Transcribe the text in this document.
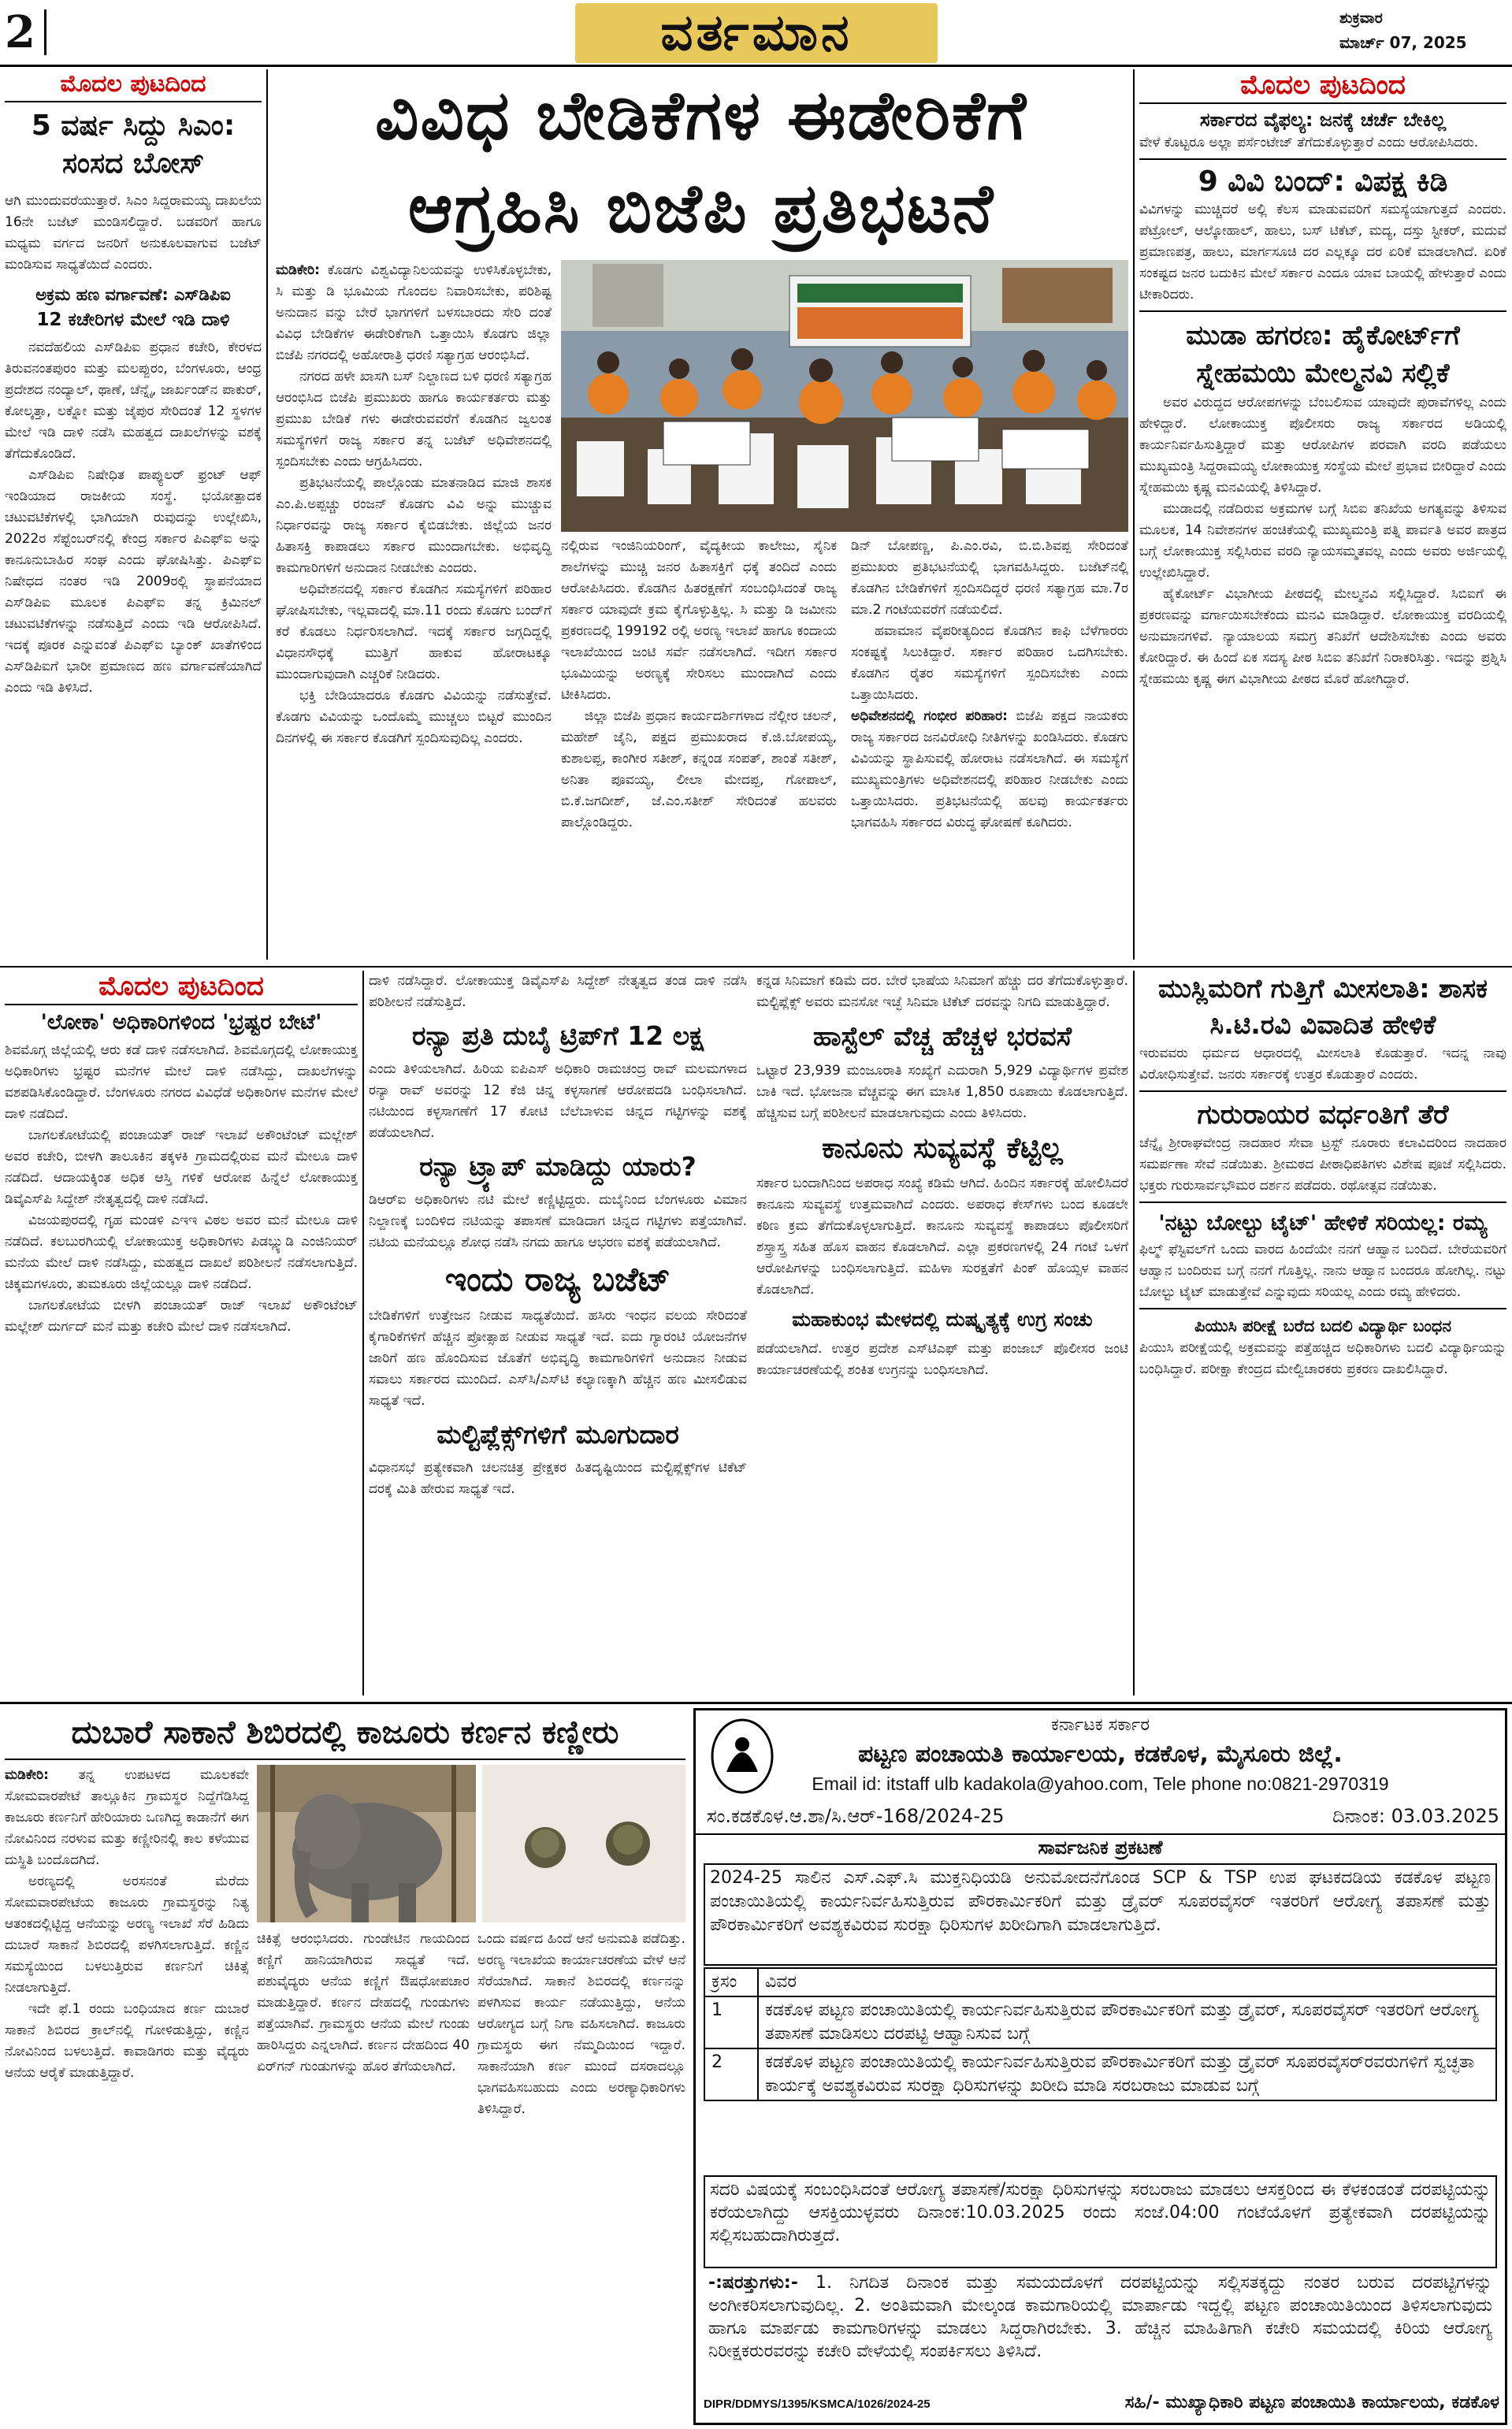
2	ವರ್ತಮಾನ	ಶುಕ್ರವಾರ
ಮಾರ್ಚ್ 07, 2025
ಮೊದಲ ಪುಟದಿಂದ

5 ವರ್ಷ ಸಿದ್ದು ಸಿಎಂ: ಸಂಸದ ಬೋಸ್

ಆಗಿ ಮುಂದುವರೆಯುತ್ತಾರೆ. ಸಿಎಂ ಸಿದ್ದರಾಮಯ್ಯ ದಾಖಲೆಯ 16ನೇ ಬಜೆಟ್ ಮಂಡಿಸಲಿದ್ದಾರೆ. ಬಡವರಿಗೆ ಹಾಗೂ ಮಧ್ಯಮ ವರ್ಗದ ಜನರಿಗೆ ಅನುಕೂಲವಾಗುವ ಬಜೆಟ್ ಮಂಡಿಸುವ ಸಾಧ್ಯತೆಯಿದೆ ಎಂದರು.

ಅಕ್ರಮ ಹಣ ವರ್ಗಾವಣೆ: ಎಸ್‌ಡಿಪಿಐ

12 ಕಚೇರಿಗಳ ಮೇಲೆ ಇಡಿ ದಾಳಿ

ನವದೆಹಲಿಯ ಎಸ್‌ಡಿಪಿಐ ಪ್ರಧಾನ ಕಚೇರಿ, ಕೇರಳದ ತಿರುವನಂತಪುರಂ ಮತ್ತು ಮಲಪ್ಪುರಂ, ಬೆಂಗಳೂರು, ಆಂಧ್ರ ಪ್ರದೇಶದ ನಂದ್ಯಾಲ್, ಥಾಣೆ, ಚೆನ್ನೈ, ಜಾರ್ಖಂಡ್‌ನ ಪಾಕುರ್, ಕೋಲ್ಕತ್ತಾ, ಲಕ್ನೋ ಮತ್ತು ಜೈಪುರ ಸೇರಿದಂತೆ 12 ಸ್ಥಳಗಳ ಮೇಲೆ ಇಡಿ ದಾಳಿ ನಡೆಸಿ ಮಹತ್ವದ ದಾಖಲೆಗಳನ್ನು ವಶಕ್ಕೆ ತೆಗೆದುಕೊಂಡಿದೆ.

ಎಸ್‌ಡಿಪಿಐ ನಿಷೇಧಿತ ಪಾಪ್ಯುಲರ್ ಫ್ರಂಟ್ ಆಫ್ ಇಂಡಿಯಾದ ರಾಜಕೀಯ ಸಂಸ್ಥೆ. ಭಯೋತ್ಪಾದಕ ಚಟುವಟಿಕೆಗಳಲ್ಲಿ ಭಾಗಿಯಾಗಿ ರುವುದನ್ನು ಉಲ್ಲೇಖಿಸಿ, 2022ರ ಸೆಪ್ಟೆಂಬರ್‌ನಲ್ಲಿ ಕೇಂದ್ರ ಸರ್ಕಾರ ಪಿಎಫ್‌ಐ ಅನ್ನು ಕಾನೂನುಬಾಹಿರ ಸಂಘ ಎಂದು ಘೋಷಿಸಿತ್ತು. ಪಿಎಫ್‌ಐ ನಿಷೇಧದ ನಂತರ ಇಡಿ 2009ರಲ್ಲಿ ಸ್ಥಾಪನೆಯಾದ ಎಸ್‌ಡಿಪಿಐ ಮೂಲಕ ಪಿಎಫ್‌ಐ ತನ್ನ ಕ್ರಿಮಿನಲ್ ಚಟುವಟಿಕೆಗಳನ್ನು ನಡೆಸುತ್ತಿದೆ ಎಂದು ಇಡಿ ಆರೋಪಿಸಿದೆ. ಇದಕ್ಕೆ ಪೂರಕ ಎನ್ನುವಂತೆ ಪಿಎಫ್‌ಐ ಬ್ಯಾಂಕ್ ಖಾತೆಗಳಿಂದ ಎಸ್‌ಡಿಪಿಐಗೆ ಭಾರೀ ಪ್ರಮಾಣದ ಹಣ ವರ್ಗಾವಣೆಯಾಗಿದೆ ಎಂದು ಇಡಿ ತಿಳಿಸಿದೆ.

ವಿವಿಧ ಬೇಡಿಕೆಗಳ ಈಡೇರಿಕೆಗೆ
ಆಗ್ರಹಿಸಿ ಬಿಜೆಪಿ ಪ್ರತಿಭಟನೆ

ಮಡಿಕೇರಿ: ಕೊಡಗು ವಿಶ್ವವಿದ್ಯಾನಿಲಯವನ್ನು ಉಳಿಸಿಕೊಳ್ಳಬೇಕು, ಸಿ ಮತ್ತು ಡಿ ಭೂಮಿಯ ಗೊಂದಲ ನಿವಾರಿಸಬೇಕು, ಪರಿಶಿಷ್ಟ ಅನುದಾನ ವನ್ನು ಬೇರೆ ಭಾಗಗಳಿಗೆ ಬಳಸಬಾರದು ಸೇರಿ ದಂತೆ ವಿವಿಧ ಬೇಡಿಕೆಗಳ ಈಡೇರಿಕೆಗಾಗಿ ಒತ್ತಾಯಿಸಿ ಕೊಡಗು ಜಿಲ್ಲಾ ಬಿಜೆಪಿ ನಗರದಲ್ಲಿ ಅಹೋರಾತ್ರಿ ಧರಣಿ ಸತ್ಯಾಗ್ರಹ ಆರಂಭಿಸಿದೆ.

ನಗರದ ಹಳೇ ಖಾಸಗಿ ಬಸ್ ನಿಲ್ದಾಣದ ಬಳಿ ಧರಣಿ ಸತ್ಯಾಗ್ರಹ ಆರಂಭಿಸಿದ ಬಿಜೆಪಿ ಪ್ರಮುಖರು ಹಾಗೂ ಕಾರ್ಯಕರ್ತರು ಮತ್ತು ಪ್ರಮುಖ ಬೇಡಿಕೆ ಗಳು ಈಡೇರುವವರೆಗೆ ಕೊಡಗಿನ ಜ್ವಲಂತ ಸಮಸ್ಯೆಗಳಿಗೆ ರಾಜ್ಯ ಸರ್ಕಾರ ತನ್ನ ಬಜೆಟ್ ಅಧಿವೇಶನದಲ್ಲಿ ಸ್ಪಂದಿಸಬೇಕು ಎಂದು ಆಗ್ರಹಿಸಿದರು.

ಪ್ರತಿಭಟನೆಯಲ್ಲಿ ಪಾಲ್ಗೊಂಡು ಮಾತನಾಡಿದ ಮಾಜಿ ಶಾಸಕ ಎಂ.ಪಿ.ಅಪ್ಪಚ್ಚು ರಂಜನ್ ಕೊಡಗು ವಿವಿ ಅನ್ನು ಮುಚ್ಚುವ ನಿರ್ಧಾರವನ್ನು ರಾಜ್ಯ ಸರ್ಕಾರ ಕೈಬಿಡಬೇಕು. ಜಿಲ್ಲೆಯ ಜನರ ಹಿತಾಸಕ್ತಿ ಕಾಪಾಡಲು ಸರ್ಕಾರ ಮುಂದಾಗಬೇಕು. ಅಭಿವೃದ್ಧಿ ಕಾಮಗಾರಿಗಳಿಗೆ ಅನುದಾನ ನೀಡಬೇಕು ಎಂದರು.

ಅಧಿವೇಶನದಲ್ಲಿ ಸರ್ಕಾರ ಕೊಡಗಿನ ಸಮಸ್ಯೆಗಳಿಗೆ ಪರಿಹಾರ ಘೋಷಿಸಬೇಕು, ಇಲ್ಲವಾದಲ್ಲಿ ಮಾ.11 ರಂದು ಕೊಡಗು ಬಂದ್‌ಗೆ ಕರೆ ಕೊಡಲು ನಿರ್ಧರಿಸಲಾಗಿದೆ. ಇದಕ್ಕೆ ಸರ್ಕಾರ ಜಗ್ಗದಿದ್ದಲ್ಲಿ ವಿಧಾನಸೌಧಕ್ಕೆ ಮುತ್ತಿಗೆ ಹಾಕುವ ಹೋರಾಟಕ್ಕೂ ಮುಂದಾಗುವುದಾಗಿ ಎಚ್ಚರಿಕೆ ನೀಡಿದರು.

ಭಕ್ತಿ ಬೇಡಿಯಾದರೂ ಕೊಡಗು ವಿವಿಯನ್ನು ನಡೆಸುತ್ತೇವೆ. ಕೊಡಗು ವಿವಿಯನ್ನು ಒಂದೊಮ್ಮೆ ಮುಚ್ಚಲು ಬಿಟ್ಟರೆ ಮುಂದಿನ ದಿನಗಳಲ್ಲಿ ಈ ಸರ್ಕಾರ ಕೊಡಗಿಗೆ ಸ್ಪಂದಿಸುವುದಿಲ್ಲ ಎಂದರು.

ನಲ್ಲಿರುವ ಇಂಜಿನಿಯರಿಂಗ್, ವೈದ್ಯಕೀಯ ಕಾಲೇಜು, ಸೈನಿಕ ಶಾಲೆಗಳನ್ನು ಮುಚ್ಚಿ ಜನರ ಹಿತಾಸಕ್ತಿಗೆ ಧಕ್ಕೆ ತಂದಿದೆ ಎಂದು ಆರೋಪಿಸಿದರು. ಕೊಡಗಿನ ಹಿತರಕ್ಷಣೆಗೆ ಸಂಬಂಧಿಸಿದಂತೆ ರಾಜ್ಯ ಸರ್ಕಾರ ಯಾವುದೇ ಕ್ರಮ ಕೈಗೊಳ್ಳುತ್ತಿಲ್ಲ. ಸಿ ಮತ್ತು ಡಿ ಜಮೀನು ಪ್ರಕರಣದಲ್ಲಿ 199192 ರಲ್ಲಿ ಅರಣ್ಯ ಇಲಾಖೆ ಹಾಗೂ ಕಂದಾಯ ಇಲಾಖೆಯಿಂದ ಜಂಟಿ ಸರ್ವೆ ನಡೆಸಲಾಗಿದೆ. ಇದೀಗ ಸರ್ಕಾರ ಭೂಮಿಯನ್ನು ಅರಣ್ಯಕ್ಕೆ ಸೇರಿಸಲು ಮುಂದಾಗಿದೆ ಎಂದು ಟೀಕಿಸಿದರು.

ಜಿಲ್ಲಾ ಬಿಜೆಪಿ ಪ್ರಧಾನ ಕಾರ್ಯದರ್ಶಿಗಳಾದ ನೆಲ್ಲೀರ ಚಲನ್, ಮಹೇಶ್ ಜೈನಿ, ಪಕ್ಷದ ಪ್ರಮುಖರಾದ ಕೆ.ಜಿ.ಬೋಪಯ್ಯ, ಕುಶಾಲಪ್ಪ, ಕಾಂಗೀರ ಸತೀಶ್, ಕನ್ನಂಡ ಸಂಪತ್, ಶಾಂತೆ ಸತೀಶ್, ಅನಿತಾ ಪೂವಯ್ಯ, ಲೀಲಾ ಮೇದಪ್ಪ, ಗೋಪಾಲ್, ಬಿ.ಕೆ.ಜಗದೀಶ್, ಜೆ.ಎಂ.ಸತೀಶ್ ಸೇರಿದಂತೆ ಹಲವರು ಪಾಲ್ಗೊಂಡಿದ್ದರು.

ಡಿನ್ ಬೋಪಣ್ಣ, ಪಿ.ಎಂ.ರವಿ, ಬಿ.ಬಿ.ಶಿವಪ್ಪ ಸೇರಿದಂತೆ ಪ್ರಮುಖರು ಪ್ರತಿಭಟನೆಯಲ್ಲಿ ಭಾಗವಹಿಸಿದ್ದರು. ಬಜೆಟ್‌ನಲ್ಲಿ ಕೊಡಗಿನ ಬೇಡಿಕೆಗಳಿಗೆ ಸ್ಪಂದಿಸದಿದ್ದರೆ ಧರಣಿ ಸತ್ಯಾಗ್ರಹ ಮಾ.7ರ ಮಾ.2 ಗಂಟೆಯವರೆಗೆ ನಡೆಯಲಿದೆ.

ಹವಾಮಾನ ವೈಪರೀತ್ಯದಿಂದ ಕೊಡಗಿನ ಕಾಫಿ ಬೆಳೆಗಾರರು ಸಂಕಷ್ಟಕ್ಕೆ ಸಿಲುಕಿದ್ದಾರೆ. ಸರ್ಕಾರ ಪರಿಹಾರ ಒದಗಿಸಬೇಕು. ಕೊಡಗಿನ ರೈತರ ಸಮಸ್ಯೆಗಳಿಗೆ ಸ್ಪಂದಿಸಬೇಕು ಎಂದು ಒತ್ತಾಯಿಸಿದರು.

ಅಧಿವೇಶನದಲ್ಲಿ ಗಂಭೀರ ಪರಿಹಾರ: ಬಿಜೆಪಿ ಪಕ್ಷದ ನಾಯಕರು ರಾಜ್ಯ ಸರ್ಕಾರದ ಜನವಿರೋಧಿ ನೀತಿಗಳನ್ನು ಖಂಡಿಸಿದರು. ಕೊಡಗು ವಿವಿಯನ್ನು ಸ್ಥಾಪಿಸುವಲ್ಲಿ ಹೋರಾಟ ನಡೆಸಲಾಗಿದೆ. ಈ ಸಮಸ್ಯೆಗೆ ಮುಖ್ಯಮಂತ್ರಿಗಳು ಅಧಿವೇಶನದಲ್ಲಿ ಪರಿಹಾರ ನೀಡಬೇಕು ಎಂದು ಒತ್ತಾಯಿಸಿದರು. ಪ್ರತಿಭಟನೆಯಲ್ಲಿ ಹಲವು ಕಾರ್ಯಕರ್ತರು ಭಾಗವಹಿಸಿ ಸರ್ಕಾರದ ವಿರುದ್ಧ ಘೋಷಣೆ ಕೂಗಿದರು.

ಮೊದಲ ಪುಟದಿಂದ

ಸರ್ಕಾರದ ವೈಫಲ್ಯ: ಜನಕ್ಕೆ ಚರ್ಚೆ ಬೇಕಿಲ್ಲ

ವೇಳೆ ಕೊಟ್ಟರೂ ಅಲ್ಲಾ ಪರ್ಸೆಂಟೇಜ್ ತೆಗೆದುಕೊಳ್ಳುತ್ತಾರೆ ಎಂದು ಆರೋಪಿಸಿದರು.

9 ವಿವಿ ಬಂದ್: ವಿಪಕ್ಷ ಕಿಡಿ

ವಿವಿಗಳನ್ನು ಮುಚ್ಚಿದರೆ ಅಲ್ಲಿ ಕೆಲಸ ಮಾಡುವವರಿಗೆ ಸಮಸ್ಯೆಯಾಗುತ್ತದೆ ಎಂದರು. ಪೆಟ್ರೋಲ್, ಆಲ್ಕೋಹಾಲ್, ಹಾಲು, ಬಸ್ ಟಿಕೆಟ್, ಮದ್ಯ, ದಸ್ತು ಸ್ಟೀಕರ್, ಮದುವೆ ಪ್ರಮಾಣಪತ್ರ, ಹಾಲು, ಮಾರ್ಗಸೂಚಿ ದರ ಎಲ್ಲಕ್ಕೂ ದರ ಏರಿಕೆ ಮಾಡಲಾಗಿದೆ. ಏರಿಕೆ ಸಂಕಷ್ಟದ ಜನರ ಬದುಕಿನ ಮೇಲೆ ಸರ್ಕಾರ ಎಂದೂ ಯಾವ ಬಾಯಲ್ಲಿ ಹೇಳುತ್ತಾರೆ ಎಂದು ಟೀಕಾರಿದರು.

ಮುಡಾ ಹಗರಣ: ಹೈಕೋರ್ಟ್‌ಗೆ ಸ್ನೇಹಮಯಿ ಮೇಲ್ಮನವಿ ಸಲ್ಲಿಕೆ

ಅವರ ವಿರುದ್ಧದ ಆರೋಪಗಳನ್ನು ಬೆಂಬಲಿಸುವ ಯಾವುದೇ ಪುರಾವೆಗಳಿಲ್ಲ ಎಂದು ಹೇಳಿದ್ದಾರೆ. ಲೋಕಾಯುಕ್ತ ಪೊಲೀಸರು ರಾಜ್ಯ ಸರ್ಕಾರದ ಅಡಿಯಲ್ಲಿ ಕಾರ್ಯನಿರ್ವಹಿಸುತ್ತಿದ್ದಾರೆ ಮತ್ತು ಆರೋಪಿಗಳ ಪರವಾಗಿ ವರದಿ ಪಡೆಯಲು ಮುಖ್ಯಮಂತ್ರಿ ಸಿದ್ದರಾಮಯ್ಯ ಲೋಕಾಯುಕ್ತ ಸಂಸ್ಥೆಯ ಮೇಲೆ ಪ್ರಭಾವ ಬೀರಿದ್ದಾರೆ ಎಂದು ಸ್ನೇಹಮಯಿ ಕೃಷ್ಣ ಮನವಿಯಲ್ಲಿ ತಿಳಿಸಿದ್ದಾರೆ.

ಮುಡಾದಲ್ಲಿ ನಡೆದಿರುವ ಅಕ್ರಮಗಳ ಬಗ್ಗೆ ಸಿಬಿಐ ತನಿಖೆಯ ಅಗತ್ಯವನ್ನು ತಿಳಿಸುವ ಮೂಲಕ, 14 ನಿವೇಶನಗಳ ಹಂಚಿಕೆಯಲ್ಲಿ ಮುಖ್ಯಮಂತ್ರಿ ಪತ್ನಿ ಪಾರ್ವತಿ ಅವರ ಪಾತ್ರದ ಬಗ್ಗೆ ಲೋಕಾಯುಕ್ತ ಸಲ್ಲಿಸಿರುವ ವರದಿ ನ್ಯಾಯಸಮ್ಮತವಲ್ಲ ಎಂದು ಅವರು ಅರ್ಜಿಯಲ್ಲಿ ಉಲ್ಲೇಖಿಸಿದ್ದಾರೆ.

ಹೈಕೋರ್ಟ್ ವಿಭಾಗೀಯ ಪೀಠದಲ್ಲಿ ಮೇಲ್ಮನವಿ ಸಲ್ಲಿಸಿದ್ದಾರೆ. ಸಿಬಿಐಗೆ ಈ ಪ್ರಕರಣವನ್ನು ವರ್ಗಾಯಿಸಬೇಕೆಂದು ಮನವಿ ಮಾಡಿದ್ದಾರೆ. ಲೋಕಾಯುಕ್ತ ವರದಿಯಲ್ಲಿ ಅನುಮಾನಗಳಿವೆ. ನ್ಯಾಯಾಲಯ ಸಮಗ್ರ ತನಿಖೆಗೆ ಆದೇಶಿಸಬೇಕು ಎಂದು ಅವರು ಕೋರಿದ್ದಾರೆ. ಈ ಹಿಂದೆ ಏಕ ಸದಸ್ಯ ಪೀಠ ಸಿಬಿಐ ತನಿಖೆಗೆ ನಿರಾಕರಿಸಿತ್ತು. ಇದನ್ನು ಪ್ರಶ್ನಿಸಿ ಸ್ನೇಹಮಯಿ ಕೃಷ್ಣ ಈಗ ವಿಭಾಗೀಯ ಪೀಠದ ಮೊರೆ ಹೋಗಿದ್ದಾರೆ.

ಮೊದಲ ಪುಟದಿಂದ

'ಲೋಕಾ' ಅಧಿಕಾರಿಗಳಿಂದ 'ಭ್ರಷ್ಟರ ಬೇಟೆ'

ಶಿವಮೊಗ್ಗ ಜಿಲ್ಲೆಯಲ್ಲಿ ಆರು ಕಡೆ ದಾಳಿ ನಡೆಸಲಾಗಿದೆ. ಶಿವಮೊಗ್ಗದಲ್ಲಿ ಲೋಕಾಯುಕ್ತ ಅಧಿಕಾರಿಗಳು ಭ್ರಷ್ಟರ ಮನೆಗಳ ಮೇಲೆ ದಾಳಿ ನಡೆಸಿದ್ದು, ದಾಖಲೆಗಳನ್ನು ವಶಪಡಿಸಿಕೊಂಡಿದ್ದಾರೆ. ಬೆಂಗಳೂರು ನಗರದ ವಿವಿಧೆಡೆ ಅಧಿಕಾರಿಗಳ ಮನೆಗಳ ಮೇಲೆ ದಾಳಿ ನಡೆದಿದೆ.

ಬಾಗಲಕೋಟೆಯಲ್ಲಿ ಪಂಚಾಯತ್ ರಾಜ್ ಇಲಾಖೆ ಅಕೌಂಟೆಂಟ್ ಮಲ್ಲೇಶ್ ಅವರ ಕಚೇರಿ, ಬೀಳಗಿ ತಾಲೂಕಿನ ತಕ್ಕಳಕಿ ಗ್ರಾಮದಲ್ಲಿರುವ ಮನೆ ಮೇಲೂ ದಾಳಿ ನಡೆದಿದೆ. ಆದಾಯಕ್ಕಿಂತ ಅಧಿಕ ಆಸ್ತಿ ಗಳಿಕೆ ಆರೋಪ ಹಿನ್ನೆಲೆ ಲೋಕಾಯುಕ್ತ ಡಿವೈಎಸ್‌ಪಿ ಸಿದ್ದೇಶ್ ನೇತೃತ್ವದಲ್ಲಿ ದಾಳಿ ನಡೆಸಿದೆ.

ವಿಜಯಪುರದಲ್ಲಿ ಗೃಹ ಮಂಡಳಿ ಎಇಇ ವಿಠಲ ಅವರ ಮನೆ ಮೇಲೂ ದಾಳಿ ನಡೆದಿದೆ. ಕಲಬುರಗಿಯಲ್ಲಿ ಲೋಕಾಯುಕ್ತ ಅಧಿಕಾರಿಗಳು ಪಿಡಬ್ಲ್ಯುಡಿ ಎಂಜಿನಿಯರ್ ಮನೆಯ ಮೇಲೆ ದಾಳಿ ನಡೆಸಿದ್ದು, ಮಹತ್ವದ ದಾಖಲೆ ಪರಿಶೀಲನೆ ನಡೆಸಲಾಗುತ್ತಿದೆ. ಚಿಕ್ಕಮಗಳೂರು, ತುಮಕೂರು ಜಿಲ್ಲೆಯಲ್ಲೂ ದಾಳಿ ನಡೆದಿದೆ.

ಬಾಗಲಕೋಟೆಯ ಬೀಳಗಿ ಪಂಚಾಯತ್ ರಾಜ್ ಇಲಾಖೆ ಅಕೌಂಟೆಂಟ್ ಮಲ್ಲೇಶ್ ದುರ್ಗದ್ ಮನೆ ಮತ್ತು ಕಚೇರಿ ಮೇಲೆ ದಾಳಿ ನಡೆಸಲಾಗಿದೆ.

ದಾಳಿ ನಡೆಸಿದ್ದಾರೆ. ಲೋಕಾಯುಕ್ತ ಡಿವೈಎಸ್‌ಪಿ ಸಿದ್ದೇಶ್ ನೇತೃತ್ವದ ತಂಡ ದಾಳಿ ನಡೆಸಿ ಪರಿಶೀಲನೆ ನಡೆಸುತ್ತಿದೆ.

ರನ್ಯಾ ಪ್ರತಿ ದುಬೈ ಟ್ರಿಪ್‌ಗೆ 12 ಲಕ್ಷ

ಎಂದು ತಿಳಿಯಲಾಗಿದೆ. ಹಿರಿಯ ಐಪಿಎಸ್ ಅಧಿಕಾರಿ ರಾಮಚಂದ್ರ ರಾವ್ ಮಲಮಗಳಾದ ರನ್ಯಾ ರಾವ್ ಅವರನ್ನು 12 ಕೆಜಿ ಚಿನ್ನ ಕಳ್ಳಸಾಗಣೆ ಆರೋಪದಡಿ ಬಂಧಿಸಲಾಗಿದೆ. ನಟಿಯಿಂದ ಕಳ್ಳಸಾಗಣೆಗೆ 17 ಕೋಟಿ ಬೆಲೆಬಾಳುವ ಚಿನ್ನದ ಗಟ್ಟಿಗಳನ್ನು ವಶಕ್ಕೆ ಪಡೆಯಲಾಗಿದೆ.

ರನ್ಯಾ ಟ್ರ್ಯಾಪ್ ಮಾಡಿದ್ದು ಯಾರು?

ಡಿಆರ್‌ಐ ಅಧಿಕಾರಿಗಳು ನಟಿ ಮೇಲೆ ಕಣ್ಣಿಟ್ಟಿದ್ದರು. ದುಬೈನಿಂದ ಬೆಂಗಳೂರು ವಿಮಾನ ನಿಲ್ದಾಣಕ್ಕೆ ಬಂದಿಳಿದ ನಟಿಯನ್ನು ತಪಾಸಣೆ ಮಾಡಿದಾಗ ಚಿನ್ನದ ಗಟ್ಟಿಗಳು ಪತ್ತೆಯಾಗಿವೆ. ನಟಿಯ ಮನೆಯಲ್ಲೂ ಶೋಧ ನಡೆಸಿ ನಗದು ಹಾಗೂ ಆಭರಣ ವಶಕ್ಕೆ ಪಡೆಯಲಾಗಿದೆ.

ಇಂದು ರಾಜ್ಯ ಬಜೆಟ್

ಬೇಡಿಕೆಗಳಿಗೆ ಉತ್ತೇಜನ ನೀಡುವ ಸಾಧ್ಯತೆಯಿದೆ. ಹಸಿರು ಇಂಧನ ವಲಯ ಸೇರಿದಂತೆ ಕೈಗಾರಿಕೆಗಳಿಗೆ ಹೆಚ್ಚಿನ ಪ್ರೋತ್ಸಾಹ ನೀಡುವ ಸಾಧ್ಯತೆ ಇದೆ. ಐದು ಗ್ಯಾರಂಟಿ ಯೋಜನೆಗಳ ಜಾರಿಗೆ ಹಣ ಹೊಂದಿಸುವ ಜೊತೆಗೆ ಅಭಿವೃದ್ಧಿ ಕಾಮಗಾರಿಗಳಿಗೆ ಅನುದಾನ ನೀಡುವ ಸವಾಲು ಸರ್ಕಾರದ ಮುಂದಿದೆ. ಎಸ್‌ಸಿ/ಎಸ್‌ಟಿ ಕಲ್ಯಾಣಕ್ಕಾಗಿ ಹೆಚ್ಚಿನ ಹಣ ಮೀಸಲಿಡುವ ಸಾಧ್ಯತೆ ಇದೆ.

ಮಲ್ಟಿಪ್ಲೆಕ್ಸ್‌ಗಳಿಗೆ ಮೂಗುದಾರ

ವಿಧಾನಸಭೆ ಪ್ರತ್ಯೇಕವಾಗಿ ಚಲನಚಿತ್ರ ಪ್ರೇಕ್ಷಕರ ಹಿತದೃಷ್ಟಿಯಿಂದ ಮಲ್ಟಿಪ್ಲೆಕ್ಸ್‌ಗಳ ಟಿಕೆಟ್ ದರಕ್ಕೆ ಮಿತಿ ಹೇರುವ ಸಾಧ್ಯತೆ ಇದೆ.

ಕನ್ನಡ ಸಿನಿಮಾಗೆ ಕಡಿಮೆ ದರ. ಬೇರೆ ಭಾಷೆಯ ಸಿನಿಮಾಗೆ ಹೆಚ್ಚು ದರ ತೆಗೆದುಕೊಳ್ಳುತ್ತಾರೆ. ಮಲ್ಟಿಪ್ಲೆಕ್ಸ್ ಅವರು ಮನಸೋ ಇಚ್ಛೆ ಸಿನಿಮಾ ಟಿಕೆಟ್ ದರವನ್ನು ನಿಗದಿ ಮಾಡುತ್ತಿದ್ದಾರೆ.

ಹಾಸ್ಟೆಲ್ ವೆಚ್ಚ ಹೆಚ್ಚಳ ಭರವಸೆ

ಒಟ್ಟಾರೆ 23,939 ಮಂಜೂರಾತಿ ಸಂಖ್ಯೆಗೆ ಎದುರಾಗಿ 5,929 ವಿದ್ಯಾರ್ಥಿಗಳ ಪ್ರವೇಶ ಬಾಕಿ ಇದೆ. ಭೋಜನಾ ವೆಚ್ಚವನ್ನು ಈಗ ಮಾಸಿಕ 1,850 ರೂಪಾಯಿ ಕೊಡಲಾಗುತ್ತಿದೆ. ಹೆಚ್ಚಿಸುವ ಬಗ್ಗೆ ಪರಿಶೀಲನೆ ಮಾಡಲಾಗುವುದು ಎಂದು ತಿಳಿಸಿದರು.

ಕಾನೂನು ಸುವ್ಯವಸ್ಥೆ ಕೆಟ್ಟಿಲ್ಲ

ಸರ್ಕಾರ ಬಂದಾಗಿನಿಂದ ಅಪರಾಧ ಸಂಖ್ಯೆ ಕಡಿಮೆ ಆಗಿದೆ. ಹಿಂದಿನ ಸರ್ಕಾರಕ್ಕೆ ಹೋಲಿಸಿದರೆ ಕಾನೂನು ಸುವ್ಯವಸ್ಥೆ ಉತ್ತಮವಾಗಿದೆ ಎಂದರು. ಅಪರಾಧ ಕೇಸ್‌ಗಳು ಬಂದ ಕೂಡಲೇ ಕಠಿಣ ಕ್ರಮ ತೆಗೆದುಕೊಳ್ಳಲಾಗುತ್ತಿದೆ. ಕಾನೂನು ಸುವ್ಯವಸ್ಥೆ ಕಾಪಾಡಲು ಪೊಲೀಸರಿಗೆ ಶಸ್ತ್ರಾಸ್ತ್ರ ಸಹಿತ ಹೊಸ ವಾಹನ ಕೊಡಲಾಗಿದೆ. ಎಲ್ಲಾ ಪ್ರಕರಣಗಳಲ್ಲಿ 24 ಗಂಟೆ ಒಳಗೆ ಆರೋಪಿಗಳನ್ನು ಬಂಧಿಸಲಾಗುತ್ತಿದೆ. ಮಹಿಳಾ ಸುರಕ್ಷತೆಗೆ ಪಿಂಕ್ ಹೊಯ್ಸಳ ವಾಹನ ಕೊಡಲಾಗಿದೆ.

ಮಹಾಕುಂಭ ಮೇಳದಲ್ಲಿ ದುಷ್ಕೃತ್ಯಕ್ಕೆ ಉಗ್ರ ಸಂಚು

ಪಡೆಯಲಾಗಿದೆ. ಉತ್ತರ ಪ್ರದೇಶ ಎಸ್‌ಟಿಎಫ್ ಮತ್ತು ಪಂಜಾಬ್ ಪೊಲೀಸರ ಜಂಟಿ ಕಾರ್ಯಾಚರಣೆಯಲ್ಲಿ ಶಂಕಿತ ಉಗ್ರನನ್ನು ಬಂಧಿಸಲಾಗಿದೆ.

ಮುಸ್ಲಿಮರಿಗೆ ಗುತ್ತಿಗೆ ಮೀಸಲಾತಿ: ಶಾಸಕ ಸಿ.ಟಿ.ರವಿ ವಿವಾದಿತ ಹೇಳಿಕೆ

ಇರುವವರು ಧರ್ಮದ ಆಧಾರದಲ್ಲಿ ಮೀಸಲಾತಿ ಕೊಡುತ್ತಾರೆ. ಇದನ್ನ ನಾವು ವಿರೋಧಿಸುತ್ತೇವೆ. ಜನರು ಸರ್ಕಾರಕ್ಕೆ ಉತ್ತರ ಕೊಡುತ್ತಾರೆ ಎಂದರು.

ಗುರುರಾಯರ ವರ್ಧಂತಿಗೆ ತೆರೆ

ಚೆನ್ನೈ ಶ್ರೀರಾಘವೇಂದ್ರ ನಾದಹಾರ ಸೇವಾ ಟ್ರಸ್ಟ್ ನೂರಾರು ಕಲಾವಿದರಿಂದ ನಾದಹಾರ ಸಮರ್ಪಣಾ ಸೇವೆ ನಡೆಯಿತು. ಶ್ರೀಮಠದ ಪೀಠಾಧಿಪತಿಗಳು ವಿಶೇಷ ಪೂಜೆ ಸಲ್ಲಿಸಿದರು. ಭಕ್ತರು ಗುರುಸಾರ್ವಭೌಮರ ದರ್ಶನ ಪಡೆದರು. ರಥೋತ್ಸವ ನಡೆಯಿತು.

'ನಟ್ಟು ಬೋಲ್ಟು ಟೈಟ್' ಹೇಳಿಕೆ ಸರಿಯಲ್ಲ: ರಮ್ಯ

ಫಿಲ್ಮ್ ಫೆಸ್ಟಿವಲ್‌ಗೆ ಒಂದು ವಾರದ ಹಿಂದೆಯೇ ನನಗೆ ಆಹ್ವಾನ ಬಂದಿದೆ. ಬೇರೆಯವರಿಗೆ ಆಹ್ವಾನ ಬಂದಿರುವ ಬಗ್ಗೆ ನನಗೆ ಗೊತ್ತಿಲ್ಲ. ನಾನು ಆಹ್ವಾನ ಬಂದರೂ ಹೋಗಿಲ್ಲ. ನಟ್ಟು ಬೋಲ್ಟು ಟೈಟ್ ಮಾಡುತ್ತೇವೆ ಎನ್ನುವುದು ಸರಿಯಲ್ಲ ಎಂದು ರಮ್ಯ ಹೇಳಿದರು.

ಪಿಯುಸಿ ಪರೀಕ್ಷೆ ಬರೆದ ಬದಲಿ ವಿದ್ಯಾರ್ಥಿ ಬಂಧನ

ಪಿಯುಸಿ ಪರೀಕ್ಷೆಯಲ್ಲಿ ಅಕ್ರಮವನ್ನು ಪತ್ತೆಹಚ್ಚಿದ ಅಧಿಕಾರಿಗಳು ಬದಲಿ ವಿದ್ಯಾರ್ಥಿಯನ್ನು ಬಂಧಿಸಿದ್ದಾರೆ. ಪರೀಕ್ಷಾ ಕೇಂದ್ರದ ಮೇಲ್ವಿಚಾರಕರು ಪ್ರಕರಣ ದಾಖಲಿಸಿದ್ದಾರೆ.

ದುಬಾರೆ ಸಾಕಾನೆ ಶಿಬಿರದಲ್ಲಿ ಕಾಜೂರು ಕರ್ಣನ ಕಣ್ಣೀರು

ಮಡಿಕೇರಿ: ತನ್ನ ಉಪಟಳದ ಮೂಲಕವೇ ಸೋಮವಾರಪೇಟೆ ತಾಲ್ಲೂಕಿನ ಗ್ರಾಮಸ್ಥರ ನಿದ್ದೆಗೆಡಿಸಿದ್ದ ಕಾಜೂರು ಕರ್ಣನಿಗೆ ಹೇರಿಯಾರು ಒಣಗಿದ್ದ ಕಾಡಾನೆಗೆ ಈಗ ನೋವಿನಿಂದ ನರಳುವ ಮತ್ತು ಕಣ್ಣೀರಿನಲ್ಲಿ ಕಾಲ ಕಳೆಯುವ ದುಸ್ಥಿತಿ ಬಂದೊದಗಿದೆ.

ಅರಣ್ಯದಲ್ಲಿ ಅರಸನಂತೆ ಮೆರೆದು ಸೋಮವಾರಪೇಟೆಯ ಕಾಜೂರು ಗ್ರಾಮಸ್ಥರನ್ನು ನಿತ್ಯ ಆತಂಕದಲ್ಲಿಟ್ಟಿದ್ದ ಆನೆಯನ್ನು ಅರಣ್ಯ ಇಲಾಖೆ ಸೆರೆ ಹಿಡಿದು ದುಬಾರೆ ಸಾಕಾನೆ ಶಿಬಿರದಲ್ಲಿ ಪಳಗಿಸಲಾಗುತ್ತಿದೆ. ಕಣ್ಣಿನ ಸಮಸ್ಯೆಯಿಂದ ಬಳಲುತ್ತಿರುವ ಕರ್ಣನಿಗೆ ಚಿಕಿತ್ಸೆ ನೀಡಲಾಗುತ್ತಿದೆ.

ಇದೇ ಫೆ.1 ರಂದು ಬಂಧಿಯಾದ ಕರ್ಣ ದುಬಾರೆ ಸಾಕಾನೆ ಶಿಬಿರದ ಕ್ರಾಲ್‌ನಲ್ಲಿ ಗೋಳಿಡುತ್ತಿದ್ದು, ಕಣ್ಣಿನ ನೋವಿನಿಂದ ಬಳಲುತ್ತಿದೆ. ಕಾವಾಡಿಗರು ಮತ್ತು ವೈದ್ಯರು ಆನೆಯ ಆರೈಕೆ ಮಾಡುತ್ತಿದ್ದಾರೆ.

ಚಿಕಿತ್ಸೆ ಆರಂಭಿಸಿದರು. ಗುಂಡೇಟಿನ ಗಾಯದಿಂದ ಕಣ್ಣಿಗೆ ಹಾನಿಯಾಗಿರುವ ಸಾಧ್ಯತೆ ಇದೆ. ಪಶುವೈದ್ಯರು ಆನೆಯ ಕಣ್ಣಿಗೆ ಔಷಧೋಪಚಾರ ಮಾಡುತ್ತಿದ್ದಾರೆ. ಕರ್ಣನ ದೇಹದಲ್ಲಿ ಗುಂಡುಗಳು ಪತ್ತೆಯಾಗಿವೆ. ಗ್ರಾಮಸ್ಥರು ಆನೆಯ ಮೇಲೆ ಗುಂಡು ಹಾರಿಸಿದ್ದರು ಎನ್ನಲಾಗಿದೆ. ಕರ್ಣನ ದೇಹದಿಂದ 40 ಏರ್‌ಗನ್ ಗುಂಡುಗಳನ್ನು ಹೊರ ತೆಗೆಯಲಾಗಿದೆ.

ಒಂದು ವರ್ಷದ ಹಿಂದೆ ಆನೆ ಅನುಮತಿ ಪಡೆದಿತ್ತು. ಅರಣ್ಯ ಇಲಾಖೆಯ ಕಾರ್ಯಾಚರಣೆಯ ವೇಳೆ ಆನೆ ಸೆರೆಯಾಗಿದೆ. ಸಾಕಾನೆ ಶಿಬಿರದಲ್ಲಿ ಕರ್ಣನನ್ನು ಪಳಗಿಸುವ ಕಾರ್ಯ ನಡೆಯುತ್ತಿದ್ದು, ಆನೆಯ ಆರೋಗ್ಯದ ಬಗ್ಗೆ ನಿಗಾ ವಹಿಸಲಾಗಿದೆ. ಕಾಜೂರು ಗ್ರಾಮಸ್ಥರು ಈಗ ನೆಮ್ಮದಿಯಿಂದ ಇದ್ದಾರೆ. ಸಾಕಾನೆಯಾಗಿ ಕರ್ಣ ಮುಂದೆ ದಸರಾದಲ್ಲೂ ಭಾಗವಹಿಸಬಹುದು ಎಂದು ಅರಣ್ಯಾಧಿಕಾರಿಗಳು ತಿಳಿಸಿದ್ದಾರೆ.

ಕರ್ನಾಟಕ ಸರ್ಕಾರ
ಪಟ್ಟಣ ಪಂಚಾಯತಿ ಕಾರ್ಯಾಲಯ, ಕಡಕೊಳ, ಮೈಸೂರು ಜಿಲ್ಲೆ.
Email id: itstaff ulb kadakola@yahoo.com, Tele phone no:0821-2970319
ಸಂ.ಕಡಕೊಳ.ಆ.ಶಾ/ಸಿ.ಆರ್-168/2024-25	ದಿನಾಂಕ: 03.03.2025
ಸಾರ್ವಜನಿಕ ಪ್ರಕಟಣೆ
2024-25 ಸಾಲಿನ ಎಸ್.ಎಫ್.ಸಿ ಮುಕ್ತನಿಧಿಯಡಿ ಅನುಮೋದನೆಗೊಂಡ SCP & TSP ಉಪ ಘಟಕದಡಿಯ ಕಡಕೊಳ ಪಟ್ಟಣ ಪಂಚಾಯಿತಿಯಲ್ಲಿ ಕಾರ್ಯನಿರ್ವಹಿಸುತ್ತಿರುವ ಪೌರಕಾರ್ಮಿಕರಿಗೆ ಮತ್ತು ಡ್ರೈವರ್ ಸೂಪರವೈಸರ್ ಇತರರಿಗೆ ಆರೋಗ್ಯ ತಪಾಸಣೆ ಮತ್ತು ಪೌರಕಾರ್ಮಿಕರಿಗೆ ಅವಶ್ಯಕವಿರುವ ಸುರಕ್ಷಾ ಧಿರಿಸುಗಳ ಖರೀದಿಗಾಗಿ ಮಾಡಲಾಗುತ್ತಿದೆ.
ಕ್ರಸಂ	ವಿವರ
1	ಕಡಕೊಳ ಪಟ್ಟಣ ಪಂಚಾಯಿತಿಯಲ್ಲಿ ಕಾರ್ಯನಿರ್ವಹಿಸುತ್ತಿರುವ ಪೌರಕಾರ್ಮಿಕರಿಗೆ ಮತ್ತು ಡ್ರೈವರ್, ಸೂಪರವೈಸರ್ ಇತರರಿಗೆ ಆರೋಗ್ಯ ತಪಾಸಣೆ ಮಾಡಿಸಲು ದರಪಟ್ಟಿ ಆಹ್ವಾನಿಸುವ ಬಗ್ಗೆ
2	ಕಡಕೊಳ ಪಟ್ಟಣ ಪಂಚಾಯಿತಿಯಲ್ಲಿ ಕಾರ್ಯನಿರ್ವಹಿಸುತ್ತಿರುವ ಪೌರಕಾರ್ಮಿಕರಿಗೆ ಮತ್ತು ಡ್ರೈವರ್ ಸೂಪರವೈಸರ್‌ರವರುಗಳಿಗೆ ಸ್ವಚ್ಛತಾ ಕಾರ್ಯಕ್ಕೆ ಅವಶ್ಯಕವಿರುವ ಸುರಕ್ಷಾ ಧಿರಿಸುಗಳನ್ನು ಖರೀದಿ ಮಾಡಿ ಸರಬರಾಜು ಮಾಡುವ ಬಗ್ಗೆ
ಸದರಿ ವಿಷಯಕ್ಕೆ ಸಂಬಂಧಿಸಿದಂತೆ ಆರೋಗ್ಯ ತಪಾಸಣೆ/ಸುರಕ್ಷಾ ಧಿರಿಸುಗಳನ್ನು ಸರಬರಾಜು ಮಾಡಲು ಆಸಕ್ತರಿಂದ ಈ ಕೆಳಕಂಡಂತೆ ದರಪಟ್ಟಿಯನ್ನು ಕರೆಯಲಾಗಿದ್ದು ಆಸಕ್ತಿಯುಳ್ಳವರು ದಿನಾಂಕ:10.03.2025 ರಂದು ಸಂಜೆ.04:00 ಗಂಟೆಯೊಳಗೆ ಪ್ರತ್ಯೇಕವಾಗಿ ದರಪಟ್ಟಿಯನ್ನು ಸಲ್ಲಿಸಬಹುದಾಗಿರುತ್ತದೆ.
-:ಷರತ್ತುಗಳು:- 1. ನಿಗದಿತ ದಿನಾಂಕ ಮತ್ತು ಸಮಯದೊಳಗೆ ದರಪಟ್ಟಿಯನ್ನು ಸಲ್ಲಿಸತಕ್ಕದ್ದು ನಂತರ ಬರುವ ದರಪಟ್ಟಿಗಳನ್ನು ಅಂಗೀಕರಿಸಲಾಗುವುದಿಲ್ಲ. 2. ಅಂತಿಮವಾಗಿ ಮೇಲ್ಕಂಡ ಕಾಮಗಾರಿಯಲ್ಲಿ ಮಾರ್ಪಾಡು ಇದ್ದಲ್ಲಿ ಪಟ್ಟಣ ಪಂಚಾಯಿತಿಯಿಂದ ತಿಳಿಸಲಾಗುವುದು ಹಾಗೂ ಮಾರ್ಪಡು ಕಾಮಗಾರಿಗಳನ್ನು ಮಾಡಲು ಸಿದ್ದರಾಗಿರಬೇಕು. 3. ಹೆಚ್ಚಿನ ಮಾಹಿತಿಗಾಗಿ ಕಚೇರಿ ಸಮಯದಲ್ಲಿ ಕಿರಿಯ ಆರೋಗ್ಯ ನಿರೀಕ್ಷಕರುರವರನ್ನು ಕಚೇರಿ ವೇಳೆಯಲ್ಲಿ ಸಂಪರ್ಕಿಸಲು ತಿಳಿಸಿದೆ.
DIPR/DDMYS/1395/KSMCA/1026/2024-25	ಸಹಿ/- ಮುಖ್ಯಾಧಿಕಾರಿ ಪಟ್ಟಣ ಪಂಚಾಯಿತಿ ಕಾರ್ಯಾಲಯ, ಕಡಕೊಳ
